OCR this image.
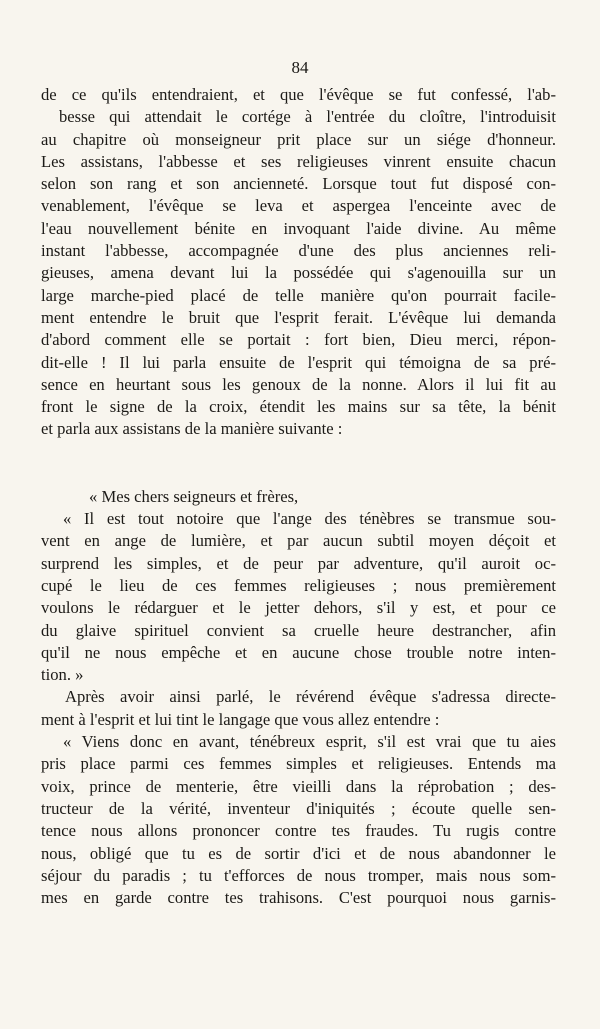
84
de ce qu'ils entendraient, et que l'évêque se fut confessé, l'ab-
besse qui attendait le cortége à l'entrée du cloître, l'introduisit
au chapitre où monseigneur prit place sur un siége d'honneur.
Les assistans, l'abbesse et ses religieuses vinrent ensuite chacun
selon son rang et son ancienneté. Lorsque tout fut disposé con-
venablement, l'évêque se leva et aspergea l'enceinte avec de
l'eau nouvellement bénite en invoquant l'aide divine. Au même
instant l'abbesse, accompagnée d'une des plus anciennes reli-
gieuses, amena devant lui la possédée qui s'agenouilla sur un
large marche-pied placé de telle manière qu'on pourrait facile-
ment entendre le bruit que l'esprit ferait. L'évêque lui demanda
d'abord comment elle se portait : fort bien, Dieu merci, répon-
dit-elle ! Il lui parla ensuite de l'esprit qui témoigna de sa pré-
sence en heurtant sous les genoux de la nonne. Alors il lui fit au
front le signe de la croix, étendit les mains sur sa tête, la bénit
et parla aux assistans de la manière suivante :
« Mes chers seigneurs et frères,
« Il est tout notoire que l'ange des ténèbres se transmue sou-
vent en ange de lumière, et par aucun subtil moyen déçoit et
surprend les simples, et de peur par adventure, qu'il auroit oc-
cupé le lieu de ces femmes religieuses ; nous premièrement
voulons le rédarguer et le jetter dehors, s'il y est, et pour ce
du glaive spirituel convient sa cruelle heure destrancher, afin
qu'il ne nous empêche et en aucune chose trouble notre inten-
tion. »
Après avoir ainsi parlé, le révérend évêque s'adressa directe-
ment à l'esprit et lui tint le langage que vous allez entendre :
« Viens donc en avant, ténébreux esprit, s'il est vrai que tu aies
pris place parmi ces femmes simples et religieuses. Entends ma
voix, prince de menterie, être vieilli dans la réprobation ; des-
tructeur de la vérité, inventeur d'iniquités ; écoute quelle sen-
tence nous allons prononcer contre tes fraudes. Tu rugis contre
nous, obligé que tu es de sortir d'ici et de nous abandonner le
séjour du paradis ; tu t'efforces de nous tromper, mais nous som-
mes en garde contre tes trahisons. C'est pourquoi nous garnis-
